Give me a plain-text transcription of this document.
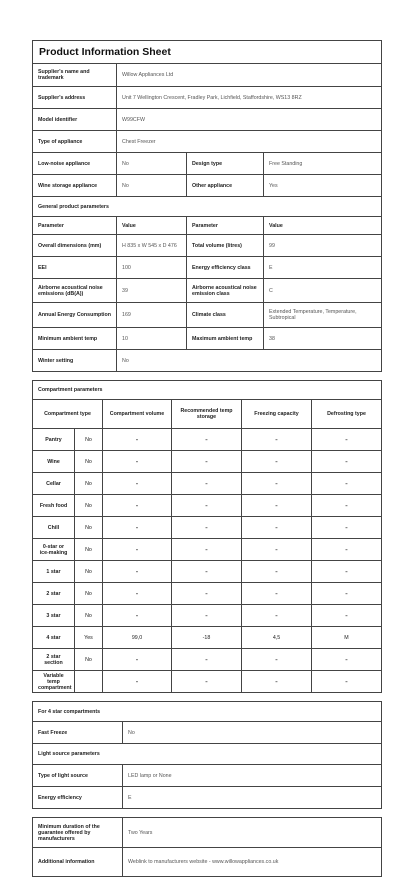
Product Information Sheet			
Supplier's name and trademark	Willow Appliances Ltd		
Supplier's address	Unit 7 Wellington Crescent, Fradley Park, Lichfield, Staffordshire, WS13 8RZ		
Model identifier	W99CFW		
Type of appliance	Chest Freezer		
Low-noise appliance	No	Design type	Free Standing
Wine storage appliance	No	Other appliance	Yes
General product parameters			
Parameter	Value	Parameter	Value
Overall dimensions (mm)	H 835 x W 545 x D 476	Total volume (litres)	99
EEI	100	Energy efficiency class	E
Airborne acoustical noise emissions (dB(A))	39	Airborne acoustical noise emission class	C
Annual Energy Consumption	169	Climate class	Extended Temperature, Temperature, Subtropical
Minimum ambient temp	10	Maximum ambient temp	38
Winter setting	No		
Compartment parameters					
Compartment type		Compartment volume	Recommended temp storage	Freezing capacity	Defrosting type
Pantry	No	-	-	-	-
Wine	No	-	-	-	-
Cellar	No	-	-	-	-
Fresh food	No	-	-	-	-
Chill	No	-	-	-	-
0-star or ice-making	No	-	-	-	-
1 star	No	-	-	-	-
2 star	No	-	-	-	-
3 star	No	-	-	-	-
4 star	Yes	99,0	-18	4,5	M
2 star section	No	-	-	-	-
Variable temp compartment		-	-	-	-
For 4 star compartments	
Fast Freeze	No
Light source parameters	
Type of light source	LED lamp or None
Energy efficiency	E
Minimum duration of the guarantee offered by manufacturers	Two Years
Additional information	Weblink to manufacturers website - www.willowappliances.co.uk
